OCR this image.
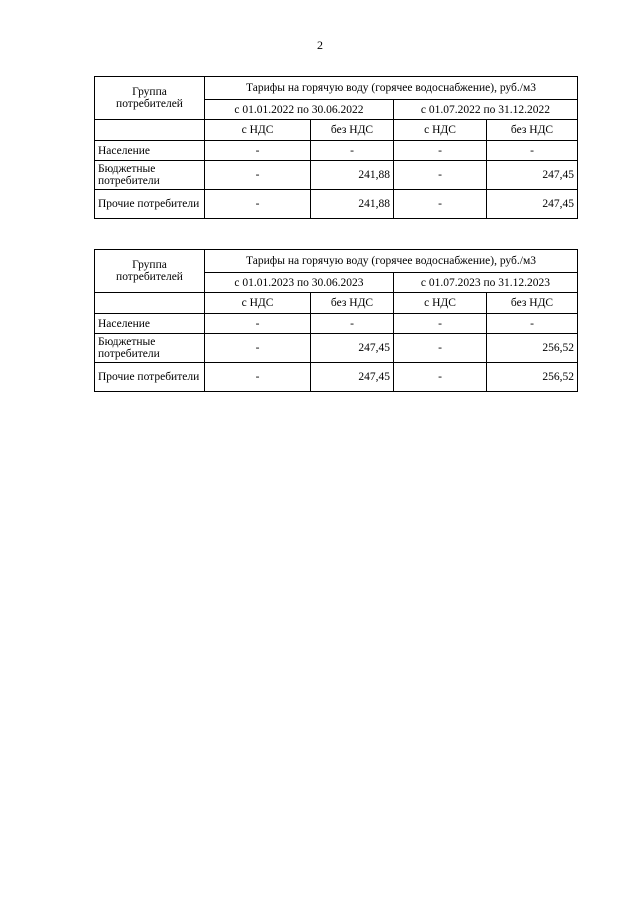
2
Группа потребителей	Тарифы на горячую воду (горячее водоснабжение), руб./м3			
	с 01.01.2022 по 30.06.2022		с 01.07.2022 по 31.12.2022	
	с НДС	без НДС	с НДС	без НДС
Население	-	-	-	-
Бюджетные потребители	-	241,88	-	247,45
Прочие потребители	-	241,88	-	247,45
Группа потребителей	Тарифы на горячую воду (горячее водоснабжение), руб./м3			
	с 01.01.2023 по 30.06.2023		с 01.07.2023 по 31.12.2023	
	с НДС	без НДС	с НДС	без НДС
Население	-	-	-	-
Бюджетные потребители	-	247,45	-	256,52
Прочие потребители	-	247,45	-	256,52
